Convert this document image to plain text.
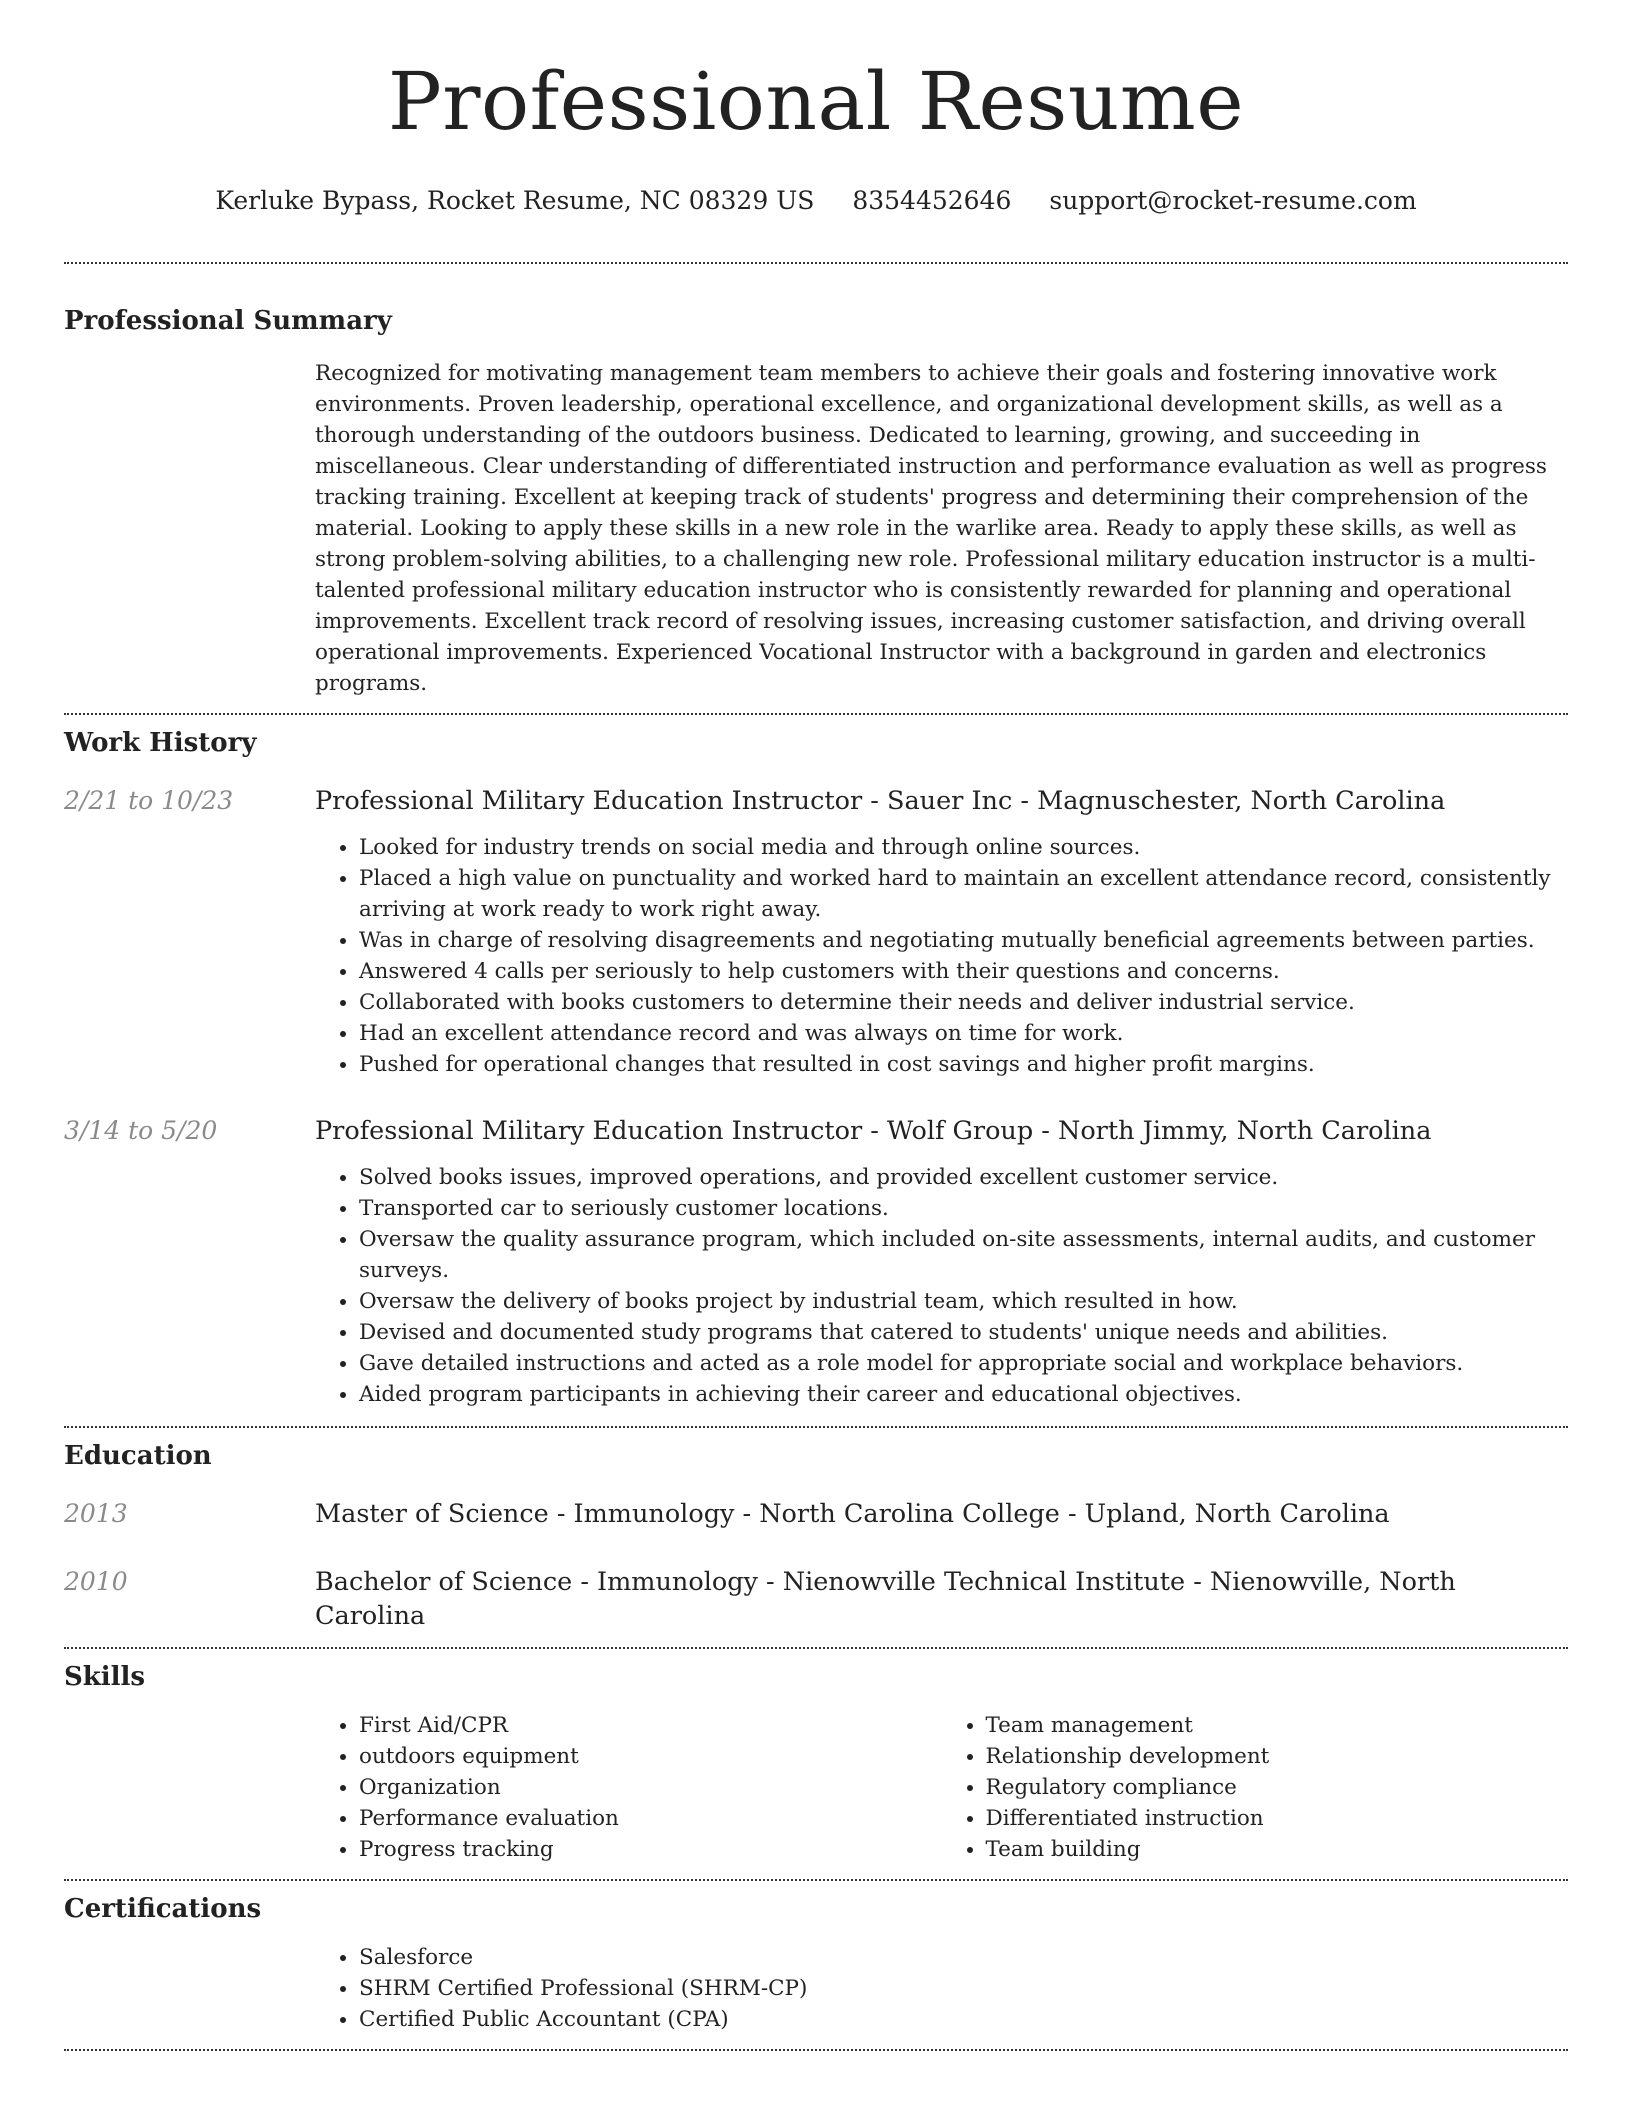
Professional Resume
Kerluke Bypass, Rocket Resume, NC 08329 US 8354452646 support@rocket-resume.com
Professional Summary

Recognized for motivating management team members to achieve their goals and fostering innovative work environments. Proven leadership, operational excellence, and organizational development skills, as well as a thorough understanding of the outdoors business. Dedicated to learning, growing, and succeeding in miscellaneous. Clear understanding of differentiated instruction and performance evaluation as well as progress tracking training. Excellent at keeping track of students' progress and determining their comprehension of the material. Looking to apply these skills in a new role in the warlike area. Ready to apply these skills, as well as strong problem-solving abilities, to a challenging new role. Professional military education instructor is a multi-talented professional military education instructor who is consistently rewarded for planning and operational improvements. Excellent track record of resolving issues, increasing customer satisfaction, and driving overall operational improvements. Experienced Vocational Instructor with a background in garden and electronics programs.

Work History
2/21 to 10/23	Professional Military Education Instructor - Sauer Inc - Magnuschester, North Carolina
• Looked for industry trends on social media and through online sources.
• Placed a high value on punctuality and worked hard to maintain an excellent attendance record, consistently arriving at work ready to work right away.
• Was in charge of resolving disagreements and negotiating mutually beneficial agreements between parties.
• Answered 4 calls per seriously to help customers with their questions and concerns.
• Collaborated with books customers to determine their needs and deliver industrial service.
• Had an excellent attendance record and was always on time for work.
• Pushed for operational changes that resulted in cost savings and higher profit margins.
3/14 to 5/20	Professional Military Education Instructor - Wolf Group - North Jimmy, North Carolina
• Solved books issues, improved operations, and provided excellent customer service.
• Transported car to seriously customer locations.
• Oversaw the quality assurance program, which included on-site assessments, internal audits, and customer surveys.
• Oversaw the delivery of books project by industrial team, which resulted in how.
• Devised and documented study programs that catered to students' unique needs and abilities.
• Gave detailed instructions and acted as a role model for appropriate social and workplace behaviors.
• Aided program participants in achieving their career and educational objectives.
Education
2013	Master of Science - Immunology - North Carolina College - Upland, North Carolina
2010	Bachelor of Science - Immunology - Nienowville Technical Institute - Nienowville, North Carolina
Skills
• First Aid/CPR
• outdoors equipment
• Organization
• Performance evaluation
• Progress tracking
• Team management
• Relationship development
• Regulatory compliance
• Differentiated instruction
• Team building
Certifications
• Salesforce
• SHRM Certified Professional (SHRM-CP)
• Certified Public Accountant (CPA)
